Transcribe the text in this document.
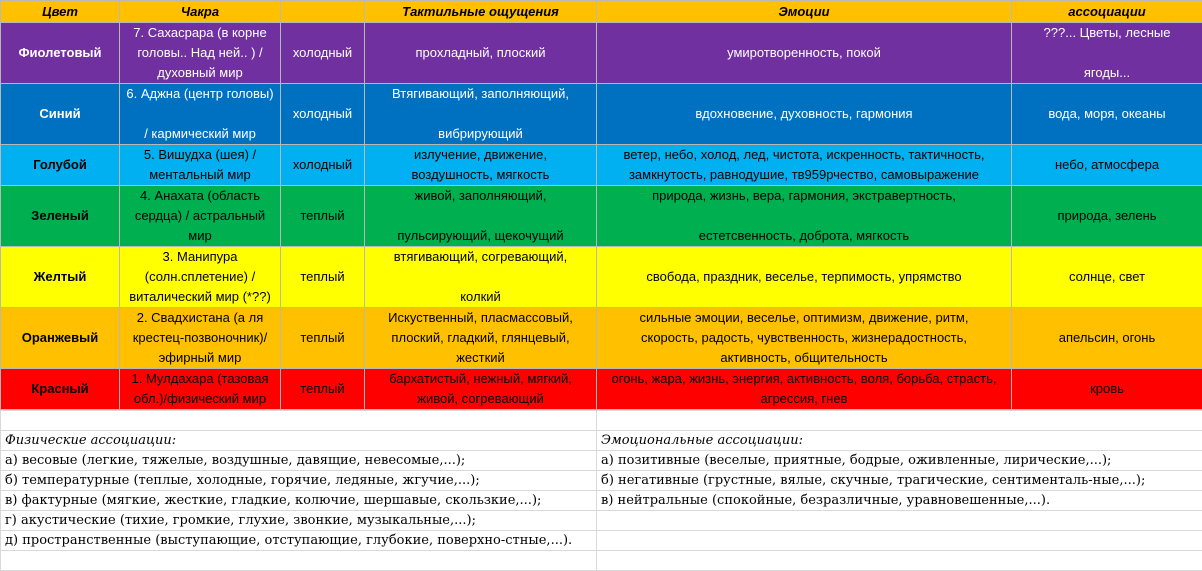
Цвет	Чакра		Тактильные ощущения	Эмоции	ассоциации

Фиолетовый	7. Сахасрара (в корне
головы.. Над ней.. ) /
духовный мир	холодный	прохладный, плоский	умиротворенность, покой	???... Цветы, лесные
ягоды...

Синий	6. Аджна (центр головы)
/ кармический мир	холодный	Втягивающий, заполняющий,
вибрирующий	вдохновение, духовность, гармония	вода, моря, океаны

Голубой	5. Вишудха (шея) /
ментальный мир	холодный	излучение, движение,
воздушность, мягкость	ветер, небо, холод, лед, чистота, искренность, тактичность,
замкнутость, равнодушие, тв959рчество, самовыражение	небо, атмосфера

Зеленый	4. Анахата (область
сердца) / астральный
мир	теплый	живой, заполняющий,
пульсирующий, щекочущий	природа, жизнь, вера, гармония, экстравертность,
естетсвенность, доброта, мягкость	природа, зелень

Желтый	3. Манипура
(солн.сплетение) /
виталический мир (*??)	теплый	втягивающий, согревающий,
колкий	свобода, праздник, веселье, терпимость, упрямство	солнце, свет

Оранжевый	2. Свадхистана (а ля
крестец-позвоночник)/
эфирный мир	теплый	Искуственный, пласмассовый,
плоский, гладкий, глянцевый,
жесткий	сильные эмоции, веселье, оптимизм, движение, ритм,
скорость, радость, чувственность, жизнерадостность,
активность, общительность	апельсин, огонь

Красный	1. Мулдахара (тазовая
обл.)/физический мир	теплый	бархатистый, нежный, мягкий,
живой, согревающий	огонь, жара, жизнь, энергия, активность, воля, борьба, страсть,
агрессия, гнев	кровь

Физические ассоциации:	Эмоциональные ассоциации:
а) весовые (легкие, тяжелые, воздушные, давящие, невесомые,...);	а) позитивные (веселые, приятные, бодрые, оживленные, лирические,...);
б) температурные (теплые, холодные, горячие, ледяные, жгучие,...);	б) негативные (грустные, вялые, скучные, трагические, сентименталь-ные,...);
в) фактурные (мягкие, жесткие, гладкие, колючие, шершавые, скользкие,...);	в) нейтральные (спокойные, безразличные, уравновешенные,...).
г) акустические (тихие, громкие, глухие, звонкие, музыкальные,...);	
д) пространственные (выступающие, отступающие, глубокие, поверхно-стные,...).	
